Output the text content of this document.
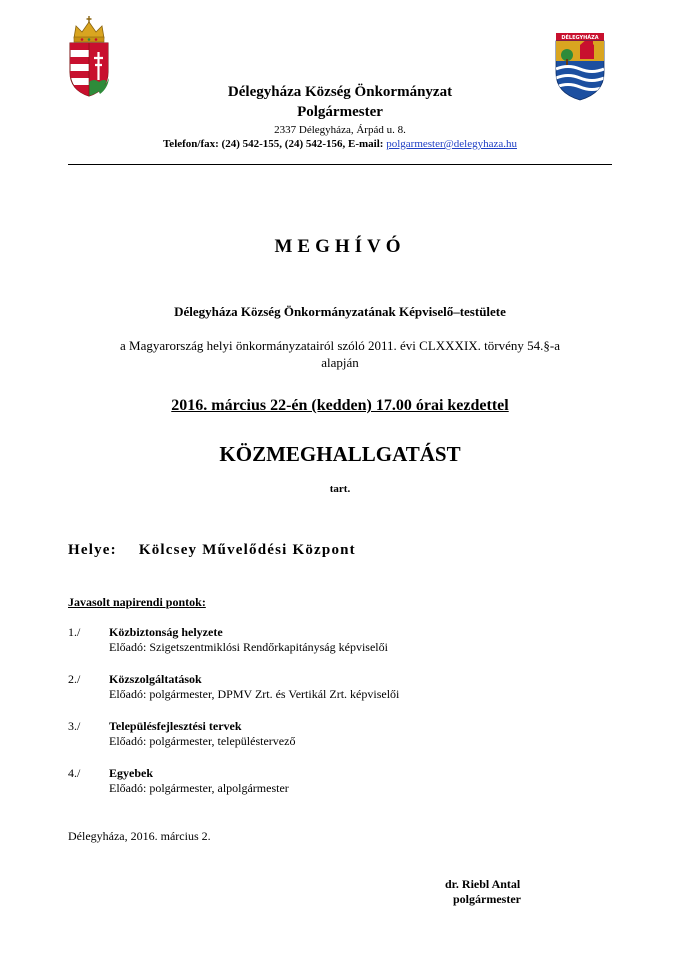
DÉLEGYHÁZA
Délegyháza Község Önkormányzat
Polgármester
2337 Délegyháza, Árpád u. 8.
Telefon/fax: (24) 542-155, (24) 542-156, E-mail: polgarmester@delegyhaza.hu
MEGHÍVÓ
Délegyháza Község Önkormányzatának Képviselő–testülete
a Magyarország helyi önkormányzatairól szóló 2011. évi CLXXXIX. törvény 54.§-a
alapján
2016. március 22-én (kedden) 17.00 órai kezdettel
KÖZMEGHALLGATÁST
tart.
Helye: Kölcsey Művelődési Központ
Javasolt napirendi pontok:
1./ Közbiztonság helyzete
Előadó: Szigetszentmiklósi Rendőrkapitányság képviselői
2./ Közszolgáltatások
Előadó: polgármester, DPMV Zrt. és Vertikál Zrt. képviselői
3./ Településfejlesztési tervek
Előadó: polgármester, településtervező
4./ Egyebek
Előadó: polgármester, alpolgármester
Délegyháza, 2016. március 2.
dr. Riebl Antal
polgármester
